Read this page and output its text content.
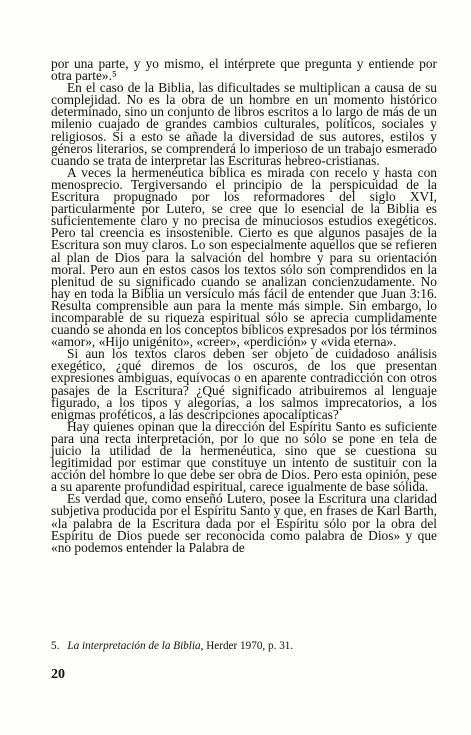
por una parte, y yo mismo, el intérprete que pregunta y entiende por otra parte».⁵

En el caso de la Biblia, las dificultades se multiplican a causa de su complejidad. No es la obra de un hombre en un momento histórico determinado, sino un conjunto de libros escritos a lo largo de más de un milenio cuajado de grandes cambios culturales, políticos, sociales y religiosos. Si a esto se añade la diversidad de sus autores, estilos y géneros literarios, se comprenderá lo imperioso de un trabajo esmerado cuando se trata de interpretar las Escrituras hebreo-cristianas.

A veces la hermenéutica bíblica es mirada con recelo y hasta con menosprecio. Tergiversando el principio de la perspicuidad de la Escritura propugnado por los reformadores del siglo XVI, particularmente por Lutero, se cree que lo esencial de la Biblia es suficientemente claro y no precisa de minuciosos estudios exegéticos. Pero tal creencia es insostenible. Cierto es que algunos pasajes de la Escritura son muy claros. Lo son especialmente aquellos que se refieren al plan de Dios para la salvación del hombre y para su orientación moral. Pero aun en estos casos los textos sólo son comprendidos en la plenitud de su significado cuando se analizan concienzudamente. No hay en toda la Biblia un versículo más fácil de entender que Juan 3:16. Resulta comprensible aun para la mente más simple. Sin embargo, lo incomparable de su riqueza espiritual sólo se aprecia cumplidamente cuando se ahonda en los conceptos bíblicos expresados por los términos «amor», «Hijo unigénito», «creer», «perdición» y «vida eterna».

Si aun los textos claros deben ser objeto de cuidadoso análisis exegético, ¿qué diremos de los oscuros, de los que presentan expresiones ambiguas, equívocas o en aparente contradicción con otros pasajes de la Escritura? ¿Qué significado atribuiremos al lenguaje figurado, a los tipos y alegorías, a los salmos imprecatorios, a los enigmas proféticos, a las descripciones apocalípticas?

Hay quienes opinan que la dirección del Espíritu Santo es suficiente para una recta interpretación, por lo que no sólo se pone en tela de juicio la utilidad de la hermenéutica, sino que se cuestiona su legitimidad por estimar que constituye un intento de sustituir con la acción del hombre lo que debe ser obra de Dios. Pero esta opinión, pese a su aparente profundidad espiritual, carece igualmente de base sólida.

Es verdad que, como enseñó Lutero, posee la Escritura una claridad subjetiva producida por el Espíritu Santo y que, en frases de Karl Barth, «la palabra de la Escritura dada por el Espíritu sólo por la obra del Espíritu de Dios puede ser reconocida como palabra de Dios» y que «no podemos entender la Palabra de

5. La interpretación de la Biblia, Herder 1970, p. 31.
20
